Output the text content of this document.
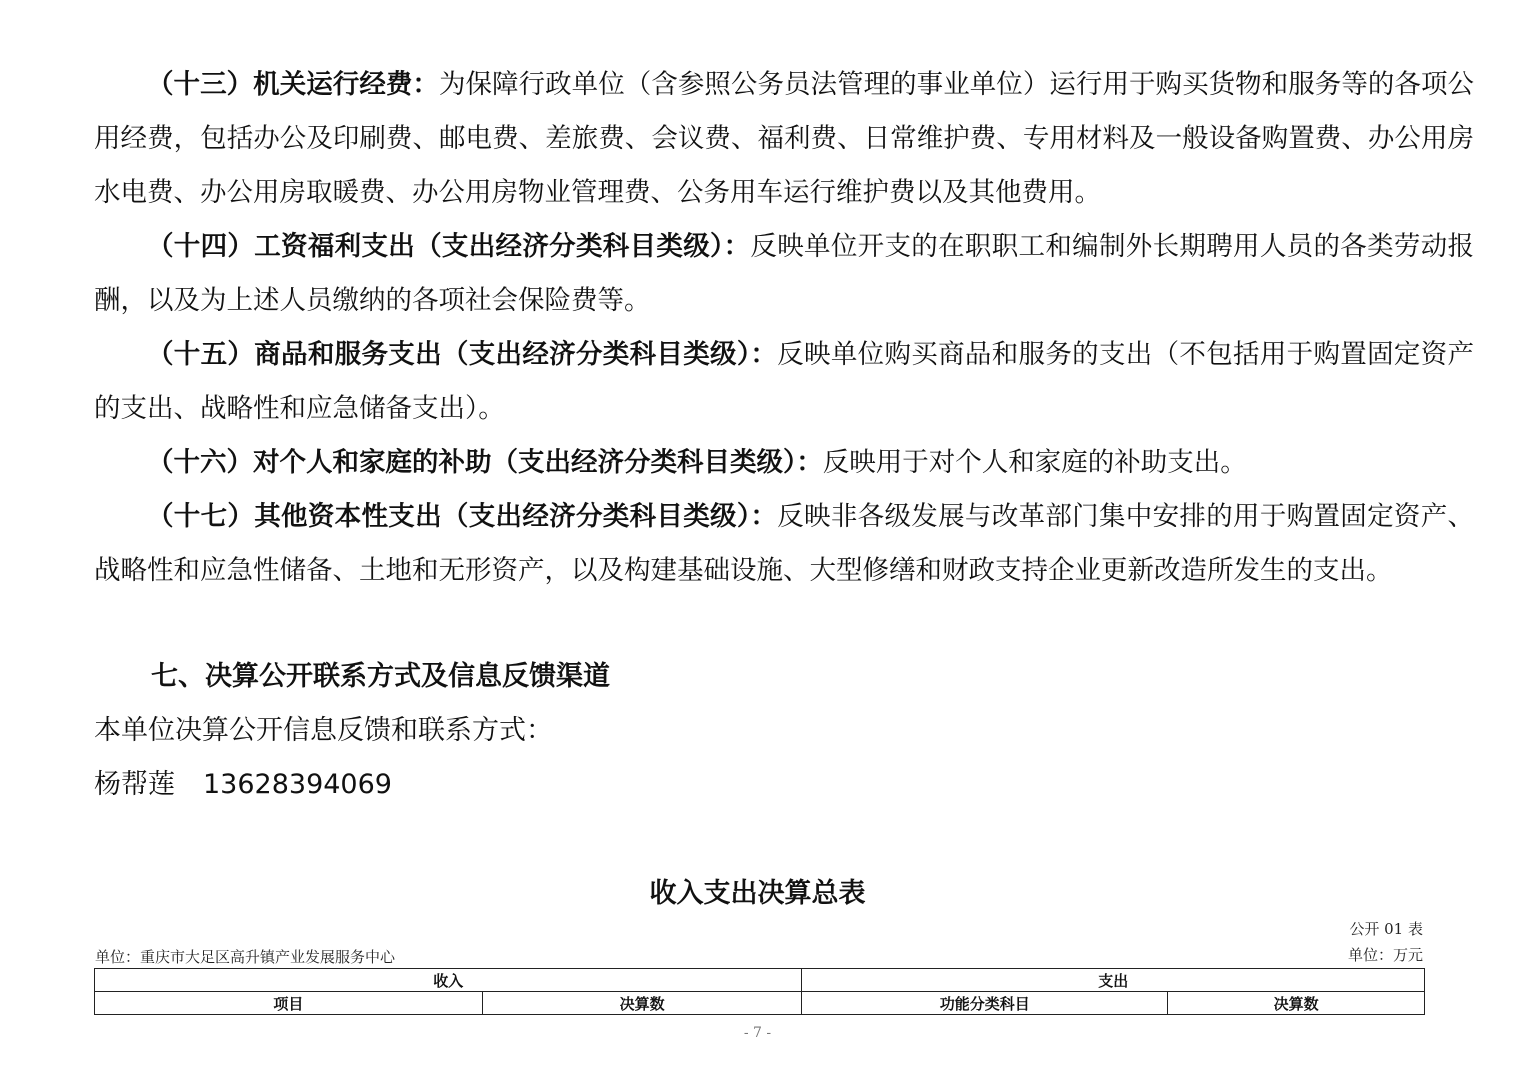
（十三）机关运行经费：为保障行政单位（含参照公务员法管理的事业单位）运行用于购买货物和服务等的各项公用经费，包括办公及印刷费、邮电费、差旅费、会议费、福利费、日常维护费、专用材料及一般设备购置费、办公用房水电费、办公用房取暖费、办公用房物业管理费、公务用车运行维护费以及其他费用。

（十四）工资福利支出（支出经济分类科目类级）：反映单位开支的在职职工和编制外长期聘用人员的各类劳动报酬，以及为上述人员缴纳的各项社会保险费等。

（十五）商品和服务支出（支出经济分类科目类级）：反映单位购买商品和服务的支出（不包括用于购置固定资产的支出、战略性和应急储备支出）。

（十六）对个人和家庭的补助（支出经济分类科目类级）：反映用于对个人和家庭的补助支出。

（十七）其他资本性支出（支出经济分类科目类级）：反映非各级发展与改革部门集中安排的用于购置固定资产、战略性和应急性储备、土地和无形资产，以及构建基础设施、大型修缮和财政支持企业更新改造所发生的支出。

七、决算公开联系方式及信息反馈渠道

本单位决算公开信息反馈和联系方式：

杨帮莲 13628394069

收入支出决算总表
公开 01 表
单位：重庆市大足区高升镇产业发展服务中心	单位：万元
收入		支出	
项目	决算数	功能分类科目	决算数
- 7 -
